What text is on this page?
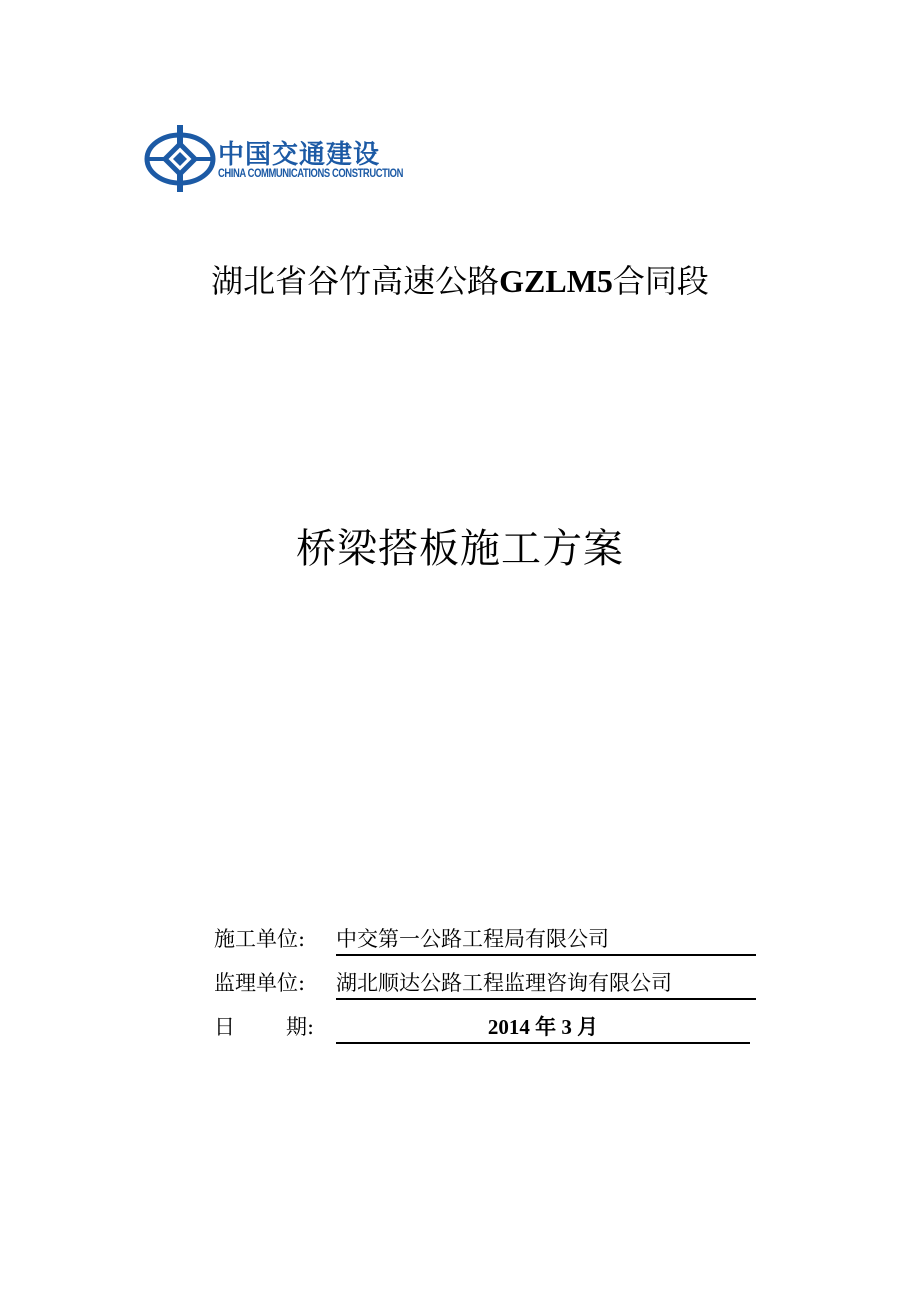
中国交通建设
CHINA COMMUNICATIONS CONSTRUCTION
湖北省谷竹高速公路GZLM5合同段
桥梁搭板施工方案
施工单位: 中交第一公路工程局有限公司
监理单位: 湖北顺达公路工程监理咨询有限公司
日 期:	2014 年 3 月
